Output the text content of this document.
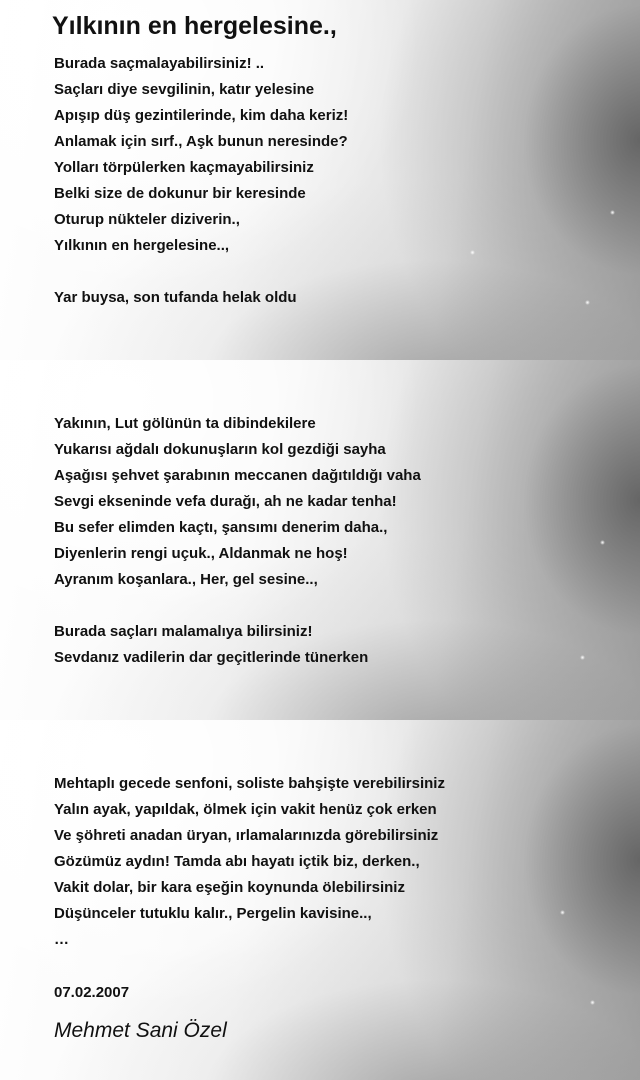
Yılkının en hergelesine.,
Burada saçmalayabilirsiniz! ..
Saçları diye sevgilinin, katır yelesine
Apışıp düş gezintilerinde, kim daha keriz!
Anlamak için sırf., Aşk bunun neresinde?
Yolları törpülerken kaçmayabilirsiniz
Belki size de dokunur bir keresinde
Oturup nükteler diziverin.,
Yılkının en hergelesine..,
Yar buysa, son tufanda helak oldu
Yakının, Lut gölünün ta dibindekilere
Yukarısı ağdalı dokunuşların kol gezdiği sayha
Aşağısı şehvet şarabının meccanen dağıtıldığı vaha
Sevgi ekseninde vefa durağı, ah ne kadar tenha!
Bu sefer elimden kaçtı, şansımı denerim daha.,
Diyenlerin rengi uçuk., Aldanmak ne hoş!
Ayranım koşanlara., Her, gel sesine..,
Burada saçları malamalıya bilirsiniz!
Sevdanız vadilerin dar geçitlerinde tünerken
Mehtaplı gecede senfoni, soliste bahşişte verebilirsiniz
Yalın ayak, yapıldak, ölmek için vakit henüz çok erken
Ve şöhreti anadan üryan, ırlamalarınızda görebilirsiniz
Gözümüz aydın! Tamda abı hayatı içtik biz, derken.,
Vakit dolar, bir kara eşeğin koynunda ölebilirsiniz
Düşünceler tutuklu kalır., Pergelin kavisine..,
…
07.02.2007
Mehmet Sani Özel
